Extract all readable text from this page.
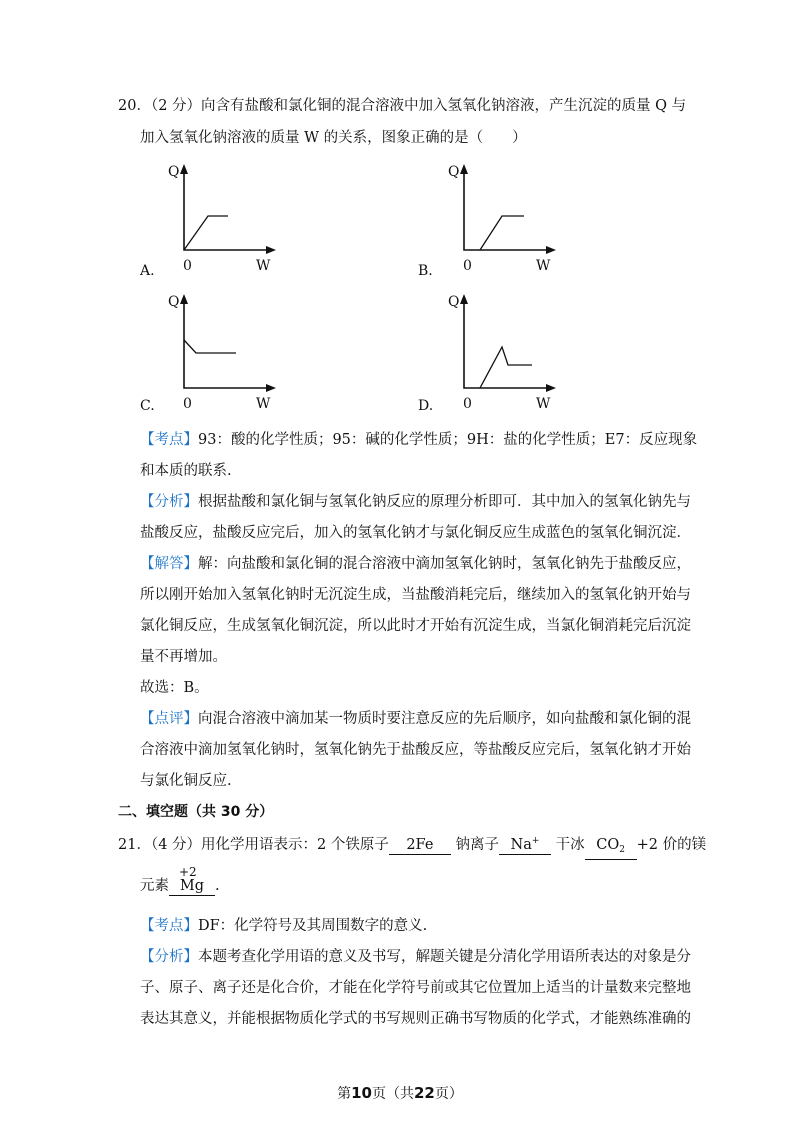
20．（2 分）向含有盐酸和氯化铜的混合溶液中加入氢氧化钠溶液，产生沉淀的质量 Q 与
加入氢氧化钠溶液的质量 W 的关系，图象正确的是（　　）
Q
W
0
A.
Q
W
0
B.
Q
W
0
C.
Q
W
0
D.
【考点】93：酸的化学性质；95：碱的化学性质；9H：盐的化学性质；E7：反应现象
和本质的联系.
【分析】根据盐酸和氯化铜与氢氧化钠反应的原理分析即可．其中加入的氢氧化钠先与
盐酸反应，盐酸反应完后，加入的氢氧化钠才与氯化铜反应生成蓝色的氢氧化铜沉淀．
【解答】解：向盐酸和氯化铜的混合溶液中滴加氢氧化钠时，氢氧化钠先于盐酸反应，
所以刚开始加入氢氧化钠时无沉淀生成，当盐酸消耗完后，继续加入的氢氧化钠开始与
氯化铜反应，生成氢氧化铜沉淀，所以此时才开始有沉淀生成，当氯化铜消耗完后沉淀
量不再增加。
故选：B。
【点评】向混合溶液中滴加某一物质时要注意反应的先后顺序，如向盐酸和氯化铜的混
合溶液中滴加氢氧化钠时，氢氧化钠先于盐酸反应，等盐酸反应完后，氢氧化钠才开始
与氯化铜反应.
二、填空题（共 30 分）
21．（4 分）用化学用语表示：2 个铁原子 2Fe 钠离子 Na+ 干冰 $CO_2 +2$ 价的镁
元素
+2
Mg .
【考点】DF：化学符号及其周围数字的意义.
【分析】本题考查化学用语的意义及书写，解题关键是分清化学用语所表达的对象是分
子、原子、离子还是化合价，才能在化学符号前或其它位置加上适当的计量数来完整地
表达其意义，并能根据物质化学式的书写规则正确书写物质的化学式，才能熟练准确的
第10页（共22页）
